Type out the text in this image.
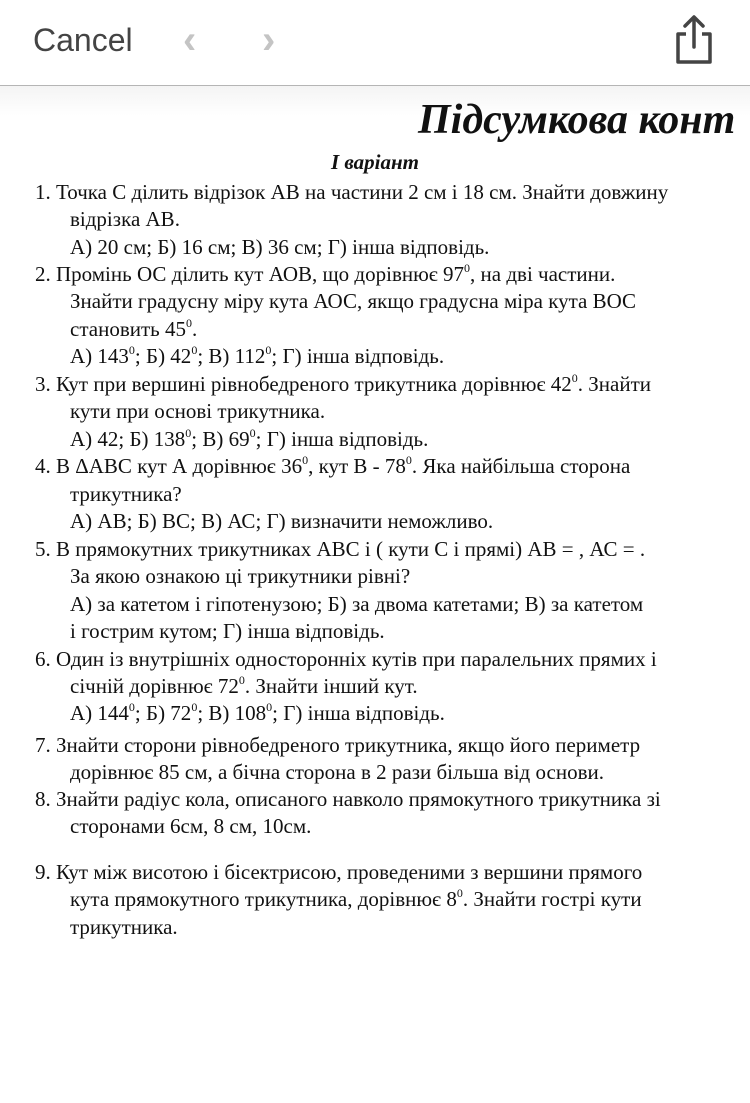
Cancel ‹ ›
Підсумкова конт
І варіант
1. Точка С ділить відрізок АВ на частини 2 см і 18 см. Знайти довжину
відрізка АВ.
А) 20 см; Б) 16 см; В) 36 см; Г) інша відповідь.
2. Промінь ОС ділить кут АОВ, що дорівнює $97^0$, на дві частини.
Знайти градусну міру кута АОС, якщо градусна міра кута ВОС
становить $45^0$.
А) $143^0$; Б) $42^0$; В) $112^0$; Г) інша відповідь.
3. Кут при вершині рівнобедреного трикутника дорівнює $42^0$. Знайти
кути при основі трикутника.
А) 42; Б) $138^0$; В) $69^0$; Г) інша відповідь.
4. В ΔАВС кут А дорівнює $36^0$, кут В - $78^0$. Яка найбільша сторона
трикутника?
А) АВ; Б) ВС; В) АС; Г) визначити неможливо.
5. В прямокутних трикутниках АВС і ( кути С і прямі) АВ = , АС = .
За якою ознакою ці трикутники рівні?
А) за катетом і гіпотенузою; Б) за двома катетами; В) за катетом
і гострим кутом; Г) інша відповідь.
6. Один із внутрішніх односторонніх кутів при паралельних прямих і
січній дорівнює $72^0$. Знайти інший кут.
А) $144^0$; Б) $72^0$; В) $108^0$; Г) інша відповідь.
7. Знайти сторони рівнобедреного трикутника, якщо його периметр
дорівнює 85 см, а бічна сторона в 2 рази більша від основи.
8. Знайти радіус кола, описаного навколо прямокутного трикутника зі
сторонами 6см, 8 см, 10см.
9. Кут між висотою і бісектрисою, проведеними з вершини прямого
кута прямокутного трикутника, дорівнює $8^0$. Знайти гострі кути
трикутника.
